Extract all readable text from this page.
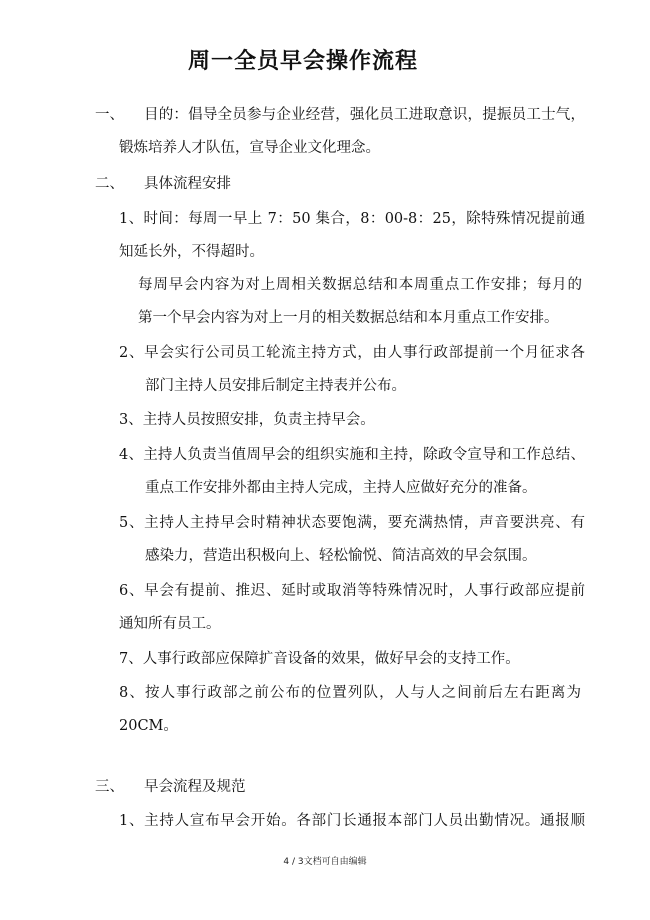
周一全员早会操作流程
一、 目的：倡导全员参与企业经营，强化员工进取意识，提振员工士气，
锻炼培养人才队伍，宣导企业文化理念。
二、 具体流程安排
1、时间：每周一早上 7：50 集合，8：00-8：25，除特殊情况提前通
知延长外，不得超时。
每周早会内容为对上周相关数据总结和本周重点工作安排；每月的
第一个早会内容为对上一月的相关数据总结和本月重点工作安排。
2、早会实行公司员工轮流主持方式，由人事行政部提前一个月征求各
部门主持人员安排后制定主持表并公布。
3、主持人员按照安排，负责主持早会。
4、主持人负责当值周早会的组织实施和主持，除政令宣导和工作总结、
重点工作安排外都由主持人完成，主持人应做好充分的准备。
5、主持人主持早会时精神状态要饱满，要充满热情，声音要洪亮、有
感染力，营造出积极向上、轻松愉悦、简洁高效的早会氛围。
6、早会有提前、推迟、延时或取消等特殊情况时，人事行政部应提前
通知所有员工。
7、人事行政部应保障扩音设备的效果，做好早会的支持工作。
8、按人事行政部之前公布的位置列队，人与人之间前后左右距离为
20CM。
三、 早会流程及规范
1、主持人宣布早会开始。各部门长通报本部门人员出勤情况。通报顺
4 / 3文档可自由编辑
